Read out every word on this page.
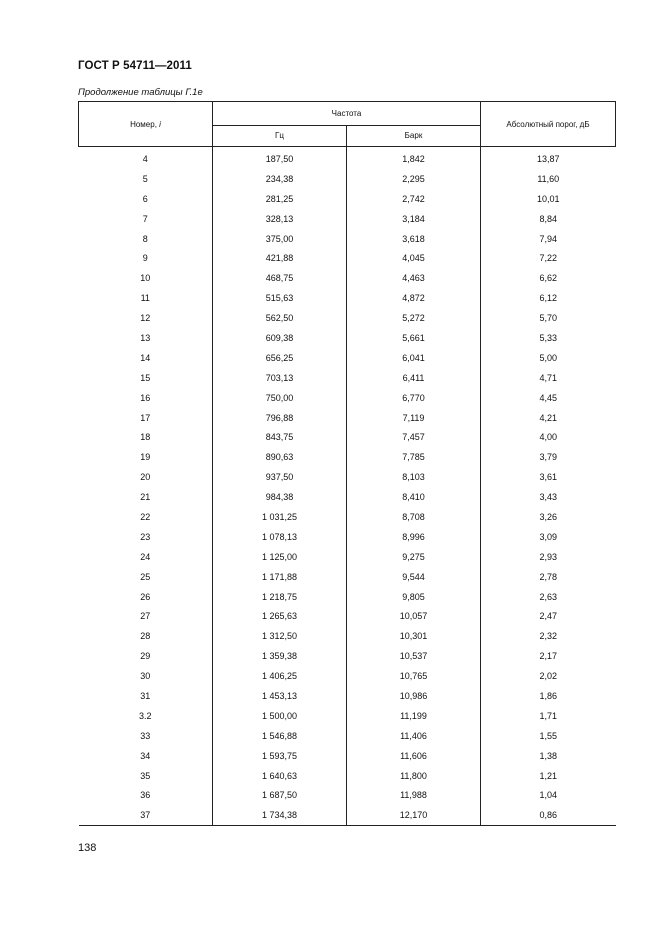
ГОСТ Р 54711—2011
Продолжение таблицы Г.1е
Номер, i	Частота		Абсолютный порог, дБ
	Гц	Барк	
4	187,50	1,842	13,87
5	234,38	2,295	11,60
6	281,25	2,742	10,01
7	328,13	3,184	8,84
8	375,00	3,618	7,94
9	421,88	4,045	7,22
10	468,75	4,463	6,62
11	515,63	4,872	6,12
12	562,50	5,272	5,70
13	609,38	5,661	5,33
14	656,25	6,041	5,00
15	703,13	6,411	4,71
16	750,00	6,770	4,45
17	796,88	7,119	4,21
18	843,75	7,457	4,00
19	890,63	7,785	3,79
20	937,50	8,103	3,61
21	984,38	8,410	3,43
22	1 031,25	8,708	3,26
23	1 078,13	8,996	3,09
24	1 125,00	9,275	2,93
25	1 171,88	9,544	2,78
26	1 218,75	9,805	2,63
27	1 265,63	10,057	2,47
28	1 312,50	10,301	2,32
29	1 359,38	10,537	2,17
30	1 406,25	10,765	2,02
31	1 453,13	10,986	1,86
3.2	1 500,00	11,199	1,71
33	1 546,88	11,406	1,55
34	1 593,75	11,606	1,38
35	1 640,63	11,800	1,21
36	1 687,50	11,988	1,04
37	1 734,38	12,170	0,86
138
